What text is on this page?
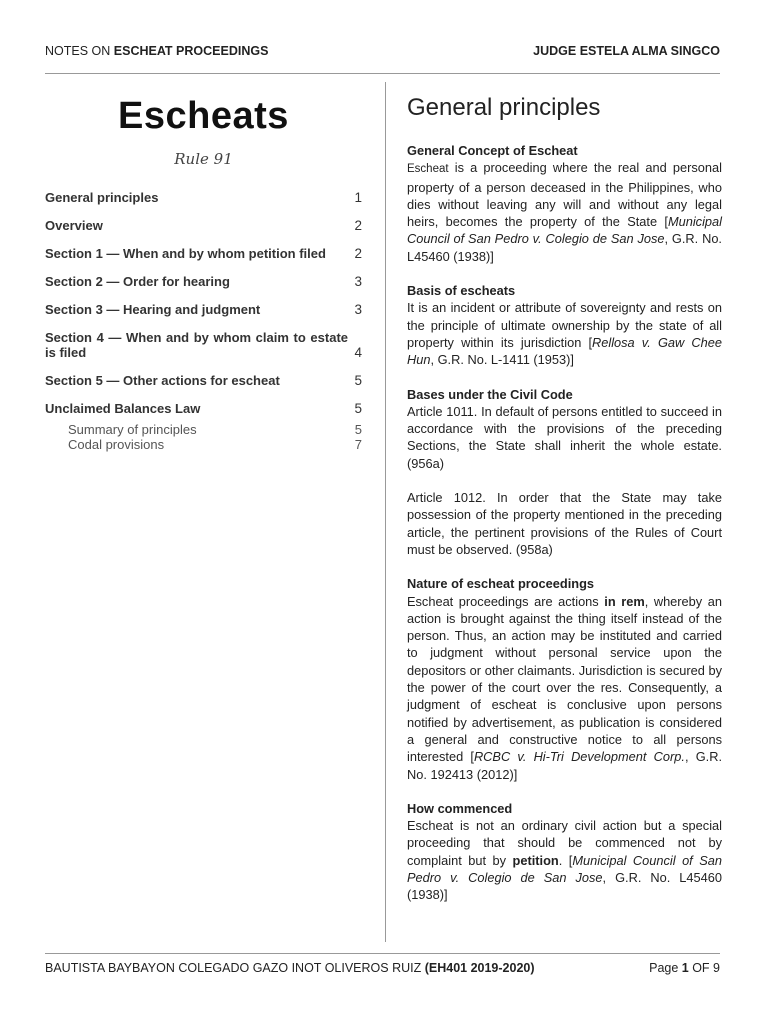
NOTES ON ESCHEAT PROCEEDINGS	JUDGE ESTELA ALMA SINGCO
Escheats
Rule 91
General principles	1
Overview	2
Section 1 — When and by whom petition filed	2
Section 2 — Order for hearing	3
Section 3 — Hearing and judgment	3
Section 4 — When and by whom claim to estate is filed	4
Section 5 — Other actions for escheat	5
Unclaimed Balances Law	5
Summary of principles	5
Codal provisions	7
General principles
General Concept of Escheat

Escheat is a proceeding where the real and personal property of a person deceased in the Philippines, who dies without leaving any will and without any legal heirs, becomes the property of the State [Municipal Council of San Pedro v. Colegio de San Jose, G.R. No. L45460 (1938)]

Basis of escheats

It is an incident or attribute of sovereignty and rests on the principle of ultimate ownership by the state of all property within its jurisdiction [Rellosa v. Gaw Chee Hun, G.R. No. L-1411 (1953)]

Bases under the Civil Code

Article 1011. In default of persons entitled to succeed in accordance with the provisions of the preceding Sections, the State shall inherit the whole estate. (956a)

Article 1012. In order that the State may take possession of the property mentioned in the preceding article, the pertinent provisions of the Rules of Court must be observed. (958a)

Nature of escheat proceedings

Escheat proceedings are actions in rem, whereby an action is brought against the thing itself instead of the person. Thus, an action may be instituted and carried to judgment without personal service upon the depositors or other claimants. Jurisdiction is secured by the power of the court over the res. Consequently, a judgment of escheat is conclusive upon persons notified by advertisement, as publication is considered a general and constructive notice to all persons interested [RCBC v. Hi-Tri Development Corp., G.R. No. 192413 (2012)]

How commenced

Escheat is not an ordinary civil action but a special proceeding that should be commenced not by complaint but by petition. [Municipal Council of San Pedro v. Colegio de San Jose, G.R. No. L45460 (1938)]

BAUTISTA BAYBAYON COLEGADO GAZO INOT OLIVEROS RUIZ (EH401 2019-2020)	Page 1 OF 9
